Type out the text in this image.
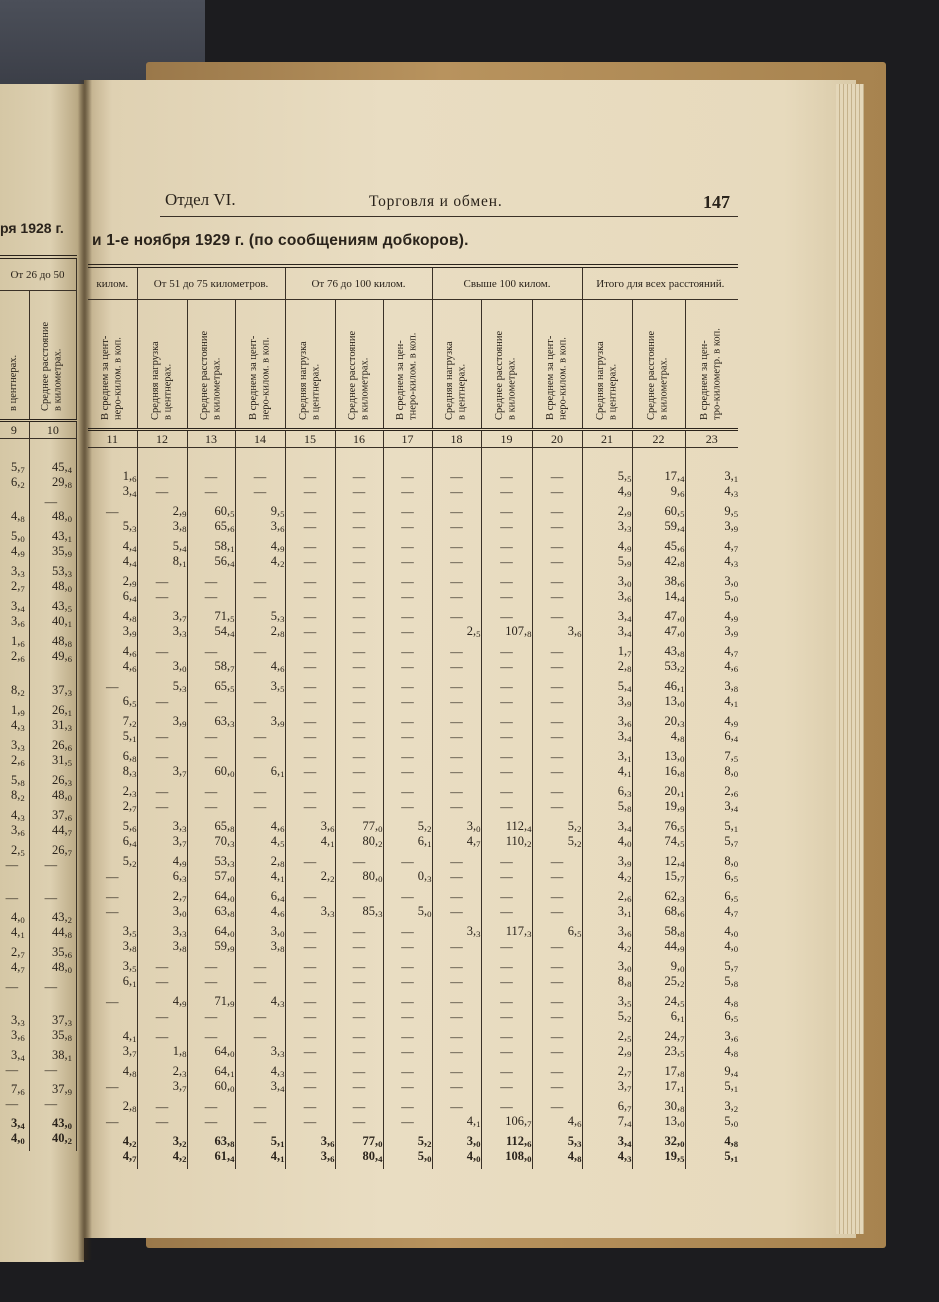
ря 1928 г.
От 26 до 50	
в центнерах.	Среднее расстояние
в километрах.
9	10

5,7	45,4
6,2	29,8
	—
4,8	48,0
5,0	43,1
4,9	35,9
3,3	53,3
2,7	48,0
3,4	43,5
3,6	40,1
1,6	48,8
2,6	49,6

8,2	37,3
1,9	26,1
4,3	31,3
3,3	26,6
2,6	31,5
5,8	26,3
8,2	48,0
4,3	37,6
3,6	44,7
2,5	26,7
—	—

—	—
4,0	43,2
4,1	44,8
2,7	35,6
4,7	48,0
—	—

3,3	37,3
3,6	35,8
3,4	38,1
—	—
7,6	37,9
—	—
3,4	43,0
4,0	40,2
Отдел VI.	Торговля и обмен.	147
и 1-е ноября 1929 г. (по сообщениям добкоров).
килом.	От 51 до 75 километров.			От 76 до 100 килом.			Свыше 100 килом.			Итого для всех расстояний.		
В среднем за цент-
неро-килом. в коп.	Средняя нагрузка
в центнерах.	Среднее расстояние
в километрах.	В среднем за цент-
неро-килом. в коп.	Средняя нагрузка
в центнерах.	Среднее расстояние
в километрах.	В среднем за цен-
тнеро-килом. в коп.	Средняя нагрузка
в центнерах.	Среднее расстояние
в километрах.	В среднем за цент-
неро-килом. в коп.	Средняя нагрузка
в центнерах.	Среднее расстояние
в километрах.	В среднем за цен-
тро-километр. в коп.
11	12	13	14	15	16	17	18	19	20	21	22	23

1,6	—	—	—	—	—	—	—	—	—	5,5	17,4	3,1
3,4	—	—	—	—	—	—	—	—	—	4,9	9,6	4,3
—	2,9	60,5	9,5	—	—	—	—	—	—	2,9	60,5	9,5
5,3	3,8	65,6	3,6	—	—	—	—	—	—	3,3	59,4	3,9
4,4	5,4	58,1	4,9	—	—	—	—	—	—	4,9	45,6	4,7
4,4	8,1	56,4	4,2	—	—	—	—	—	—	5,9	42,8	4,3
2,9	—	—	—	—	—	—	—	—	—	3,0	38,6	3,0
6,4	—	—	—	—	—	—	—	—	—	3,6	14,4	5,0
4,8	3,7	71,5	5,3	—	—	—	—	—	—	3,4	47,0	4,9
3,9	3,3	54,4	2,8	—	—	—	2,5	107,8	3,6	3,4	47,0	3,9
4,6	—	—	—	—	—	—	—	—	—	1,7	43,8	4,7
4,6	3,0	58,7	4,6	—	—	—	—	—	—	2,8	53,2	4,6
—	5,3	65,5	3,5	—	—	—	—	—	—	5,4	46,1	3,8
6,5	—	—	—	—	—	—	—	—	—	3,9	13,0	4,1
7,2	3,9	63,3	3,9	—	—	—	—	—	—	3,6	20,3	4,9
5,1	—	—	—	—	—	—	—	—	—	3,4	4,8	6,4
6,8	—	—	—	—	—	—	—	—	—	3,1	13,0	7,5
8,3	3,7	60,0	6,1	—	—	—	—	—	—	4,1	16,8	8,0
2,3	—	—	—	—	—	—	—	—	—	6,3	20,1	2,6
2,7	—	—	—	—	—	—	—	—	—	5,8	19,9	3,4
5,6	3,3	65,8	4,6	3,6	77,0	5,2	3,0	112,4	5,2	3,4	76,5	5,1
6,4	3,7	70,3	4,5	4,1	80,2	6,1	4,7	110,2	5,2	4,0	74,5	5,7
5,2	4,9	53,3	2,8	—	—	—	—	—	—	3,9	12,4	8,0
—	6,3	57,0	4,1	2,2	80,0	0,3	—	—	—	4,2	15,7	6,5
—	2,7	64,0	6,4	—	—	—	—	—	—	2,6	62,3	6,5
—	3,0	63,8	4,6	3,3	85,3	5,0	—	—	—	3,1	68,6	4,7
3,5	3,3	64,0	3,0	—	—	—	3,3	117,3	6,5	3,6	58,8	4,0
3,8	3,8	59,9	3,8	—	—	—	—	—	—	4,2	44,9	4,0
3,5	—	—	—	—	—	—	—	—	—	3,0	9,0	5,7
6,1	—	—	—	—	—	—	—	—	—	8,8	25,2	5,8
—	4,9	71,9	4,3	—	—	—	—	—	—	3,5	24,5	4,8
	—	—	—	—	—	—	—	—	—	5,2	6,1	6,5
4,1	—	—	—	—	—	—	—	—	—	2,5	24,7	3,6
3,7	1,8	64,0	3,3	—	—	—	—	—	—	2,9	23,5	4,8
4,8	2,3	64,1	4,3	—	—	—	—	—	—	2,7	17,8	9,4
—	3,7	60,0	3,4	—	—	—	—	—	—	3,7	17,1	5,1
2,8	—	—	—	—	—	—	—	—	—	6,7	30,8	3,2
—	—	—	—	—	—	—	4,1	106,7	4,6	7,4	13,0	5,0
4,2	3,2	63,8	5,1	3,6	77,0	5,2	3,0	112,6	5,3	3,4	32,0	4,8
4,7	4,2	61,4	4,1	3,6	80,4	5,0	4,0	108,0	4,8	4,3	19,5	5,1
